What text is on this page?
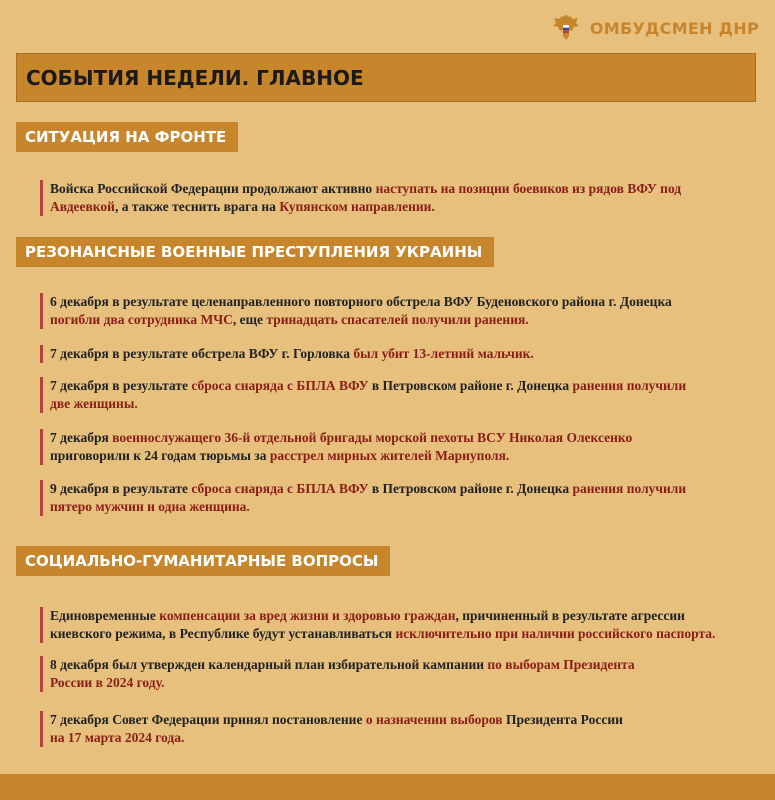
ОМБУДСМЕН ДНР
СОБЫТИЯ НЕДЕЛИ. ГЛАВНОЕ
СИТУАЦИЯ НА ФРОНТЕ
Войска Российской Федерации продолжают активно наступать на позиции боевиков из рядов ВФУ под
Авдеевкой, а также теснить врага на Купянском направлении.
РЕЗОНАНСНЫЕ ВОЕННЫЕ ПРЕСТУПЛЕНИЯ УКРАИНЫ
6 декабря в результате целенаправленного повторного обстрела ВФУ Буденовского района г. Донецка
погибли два сотрудника МЧС, еще тринадцать спасателей получили ранения.
7 декабря в результате обстрела ВФУ г. Горловка был убит 13-летний мальчик.
7 декабря в результате сброса снаряда с БПЛА ВФУ в Петровском районе г. Донецка ранения получили
две женщины.
7 декабря военнослужащего 36-й отдельной бригады морской пехоты ВСУ Николая Олексенко
приговорили к 24 годам тюрьмы за расстрел мирных жителей Мариуполя.
9 декабря в результате сброса снаряда с БПЛА ВФУ в Петровском районе г. Донецка ранения получили
пятеро мужчин и одна женщина.
СОЦИАЛЬНО-ГУМАНИТАРНЫЕ ВОПРОСЫ
Единовременные компенсации за вред жизни и здоровью граждан, причиненный в результате агрессии
киевского режима, в Республике будут устанавливаться исключительно при наличии российского паспорта.
8 декабря был утвержден календарный план избирательной кампании по выборам Президента
России в 2024 году.
7 декабря Совет Федерации принял постановление о назначении выборов Президента России
на 17 марта 2024 года.
